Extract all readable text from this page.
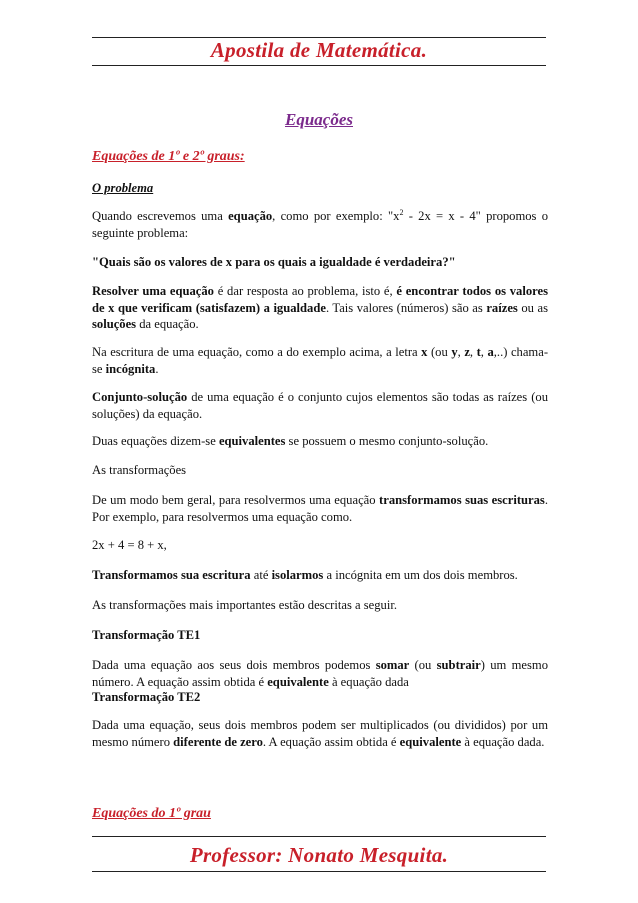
Apostila de Matemática.
Equações
Equações de 1º e 2º graus:

O problema

Quando escrevemos uma equação, como por exemplo: "$x^2 - 2x = x - 4$" propomos o seguinte problema:

"Quais são os valores de x para os quais a igualdade é verdadeira?"

Resolver uma equação é dar resposta ao problema, isto é, é encontrar todos os valores de x que verificam (satisfazem) a igualdade. Tais valores (números) são as raízes ou as soluções da equação.

Na escritura de uma equação, como a do exemplo acima, a letra x (ou y, z, t, a,..) chama-se incógnita.

Conjunto-solução de uma equação é o conjunto cujos elementos são todas as raízes (ou soluções) da equação.

Duas equações dizem-se equivalentes se possuem o mesmo conjunto-solução.

As transformações

De um modo bem geral, para resolvermos uma equação transformamos suas escrituras. Por exemplo, para resolvermos uma equação como.

2x + 4 = 8 + x,

Transformamos sua escritura até isolarmos a incógnita em um dos dois membros.

As transformações mais importantes estão descritas a seguir.

Transformação TE1

Dada uma equação aos seus dois membros podemos somar (ou subtrair) um mesmo número. A equação assim obtida é equivalente à equação dada

Transformação TE2

Dada uma equação, seus dois membros podem ser multiplicados (ou divididos) por um mesmo número diferente de zero. A equação assim obtida é equivalente à equação dada.

Equações do 1º grau
Professor: Nonato Mesquita.
